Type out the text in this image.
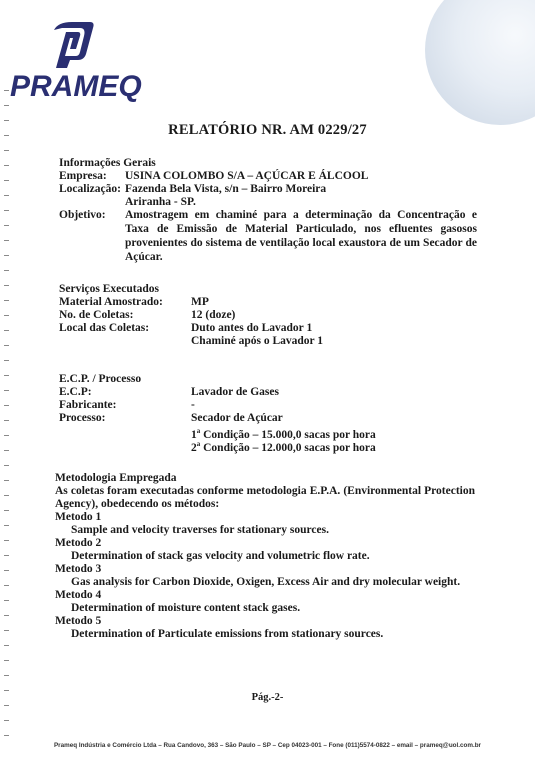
PRAMEQ
RELATÓRIO NR. AM 0229/27
Informações Gerais
Empresa: USINA COLOMBO S/A – AÇÚCAR E ÁLCOOL
Localização: Fazenda Bela Vista, s/n – Bairro Moreira
Ariranha - SP.
Objetivo: Amostragem em chaminé para a determinação da Concentração e
Taxa de Emissão de Material Particulado, nos efluentes gasosos
provenientes do sistema de ventilação local exaustora de um Secador de
Açúcar.
Serviços Executados
Material Amostrado: MP
No. de Coletas:	12 (doze)
Local das Coletas:	Duto antes do Lavador 1
Chaminé após o Lavador 1
E.C.P. / Processo
E.C.P:	Lavador de Gases
Fabricante:	-
Processo:	Secador de Açúcar
1$^a$ Condição – 15.000,0 sacas por hora
2$^a$ Condição – 12.000,0 sacas por hora
Metodologia Empregada
As coletas foram executadas conforme metodologia E.P.A. (Environmental Protection
Agency), obedecendo os métodos:
Metodo 1
Sample and velocity traverses for stationary sources.
Metodo 2
Determination of stack gas velocity and volumetric flow rate.
Metodo 3
Gas analysis for Carbon Dioxide, Oxigen, Excess Air and dry molecular weight.
Metodo 4
Determination of moisture content stack gases.
Metodo 5
Determination of Particulate emissions from stationary sources.
Pág.-2-
Prameq Indústria e Comércio Ltda – Rua Candovo, 363 – São Paulo – SP – Cep 04023-001 – Fone (011)5574-0822 – email – prameq@uol.com.br
